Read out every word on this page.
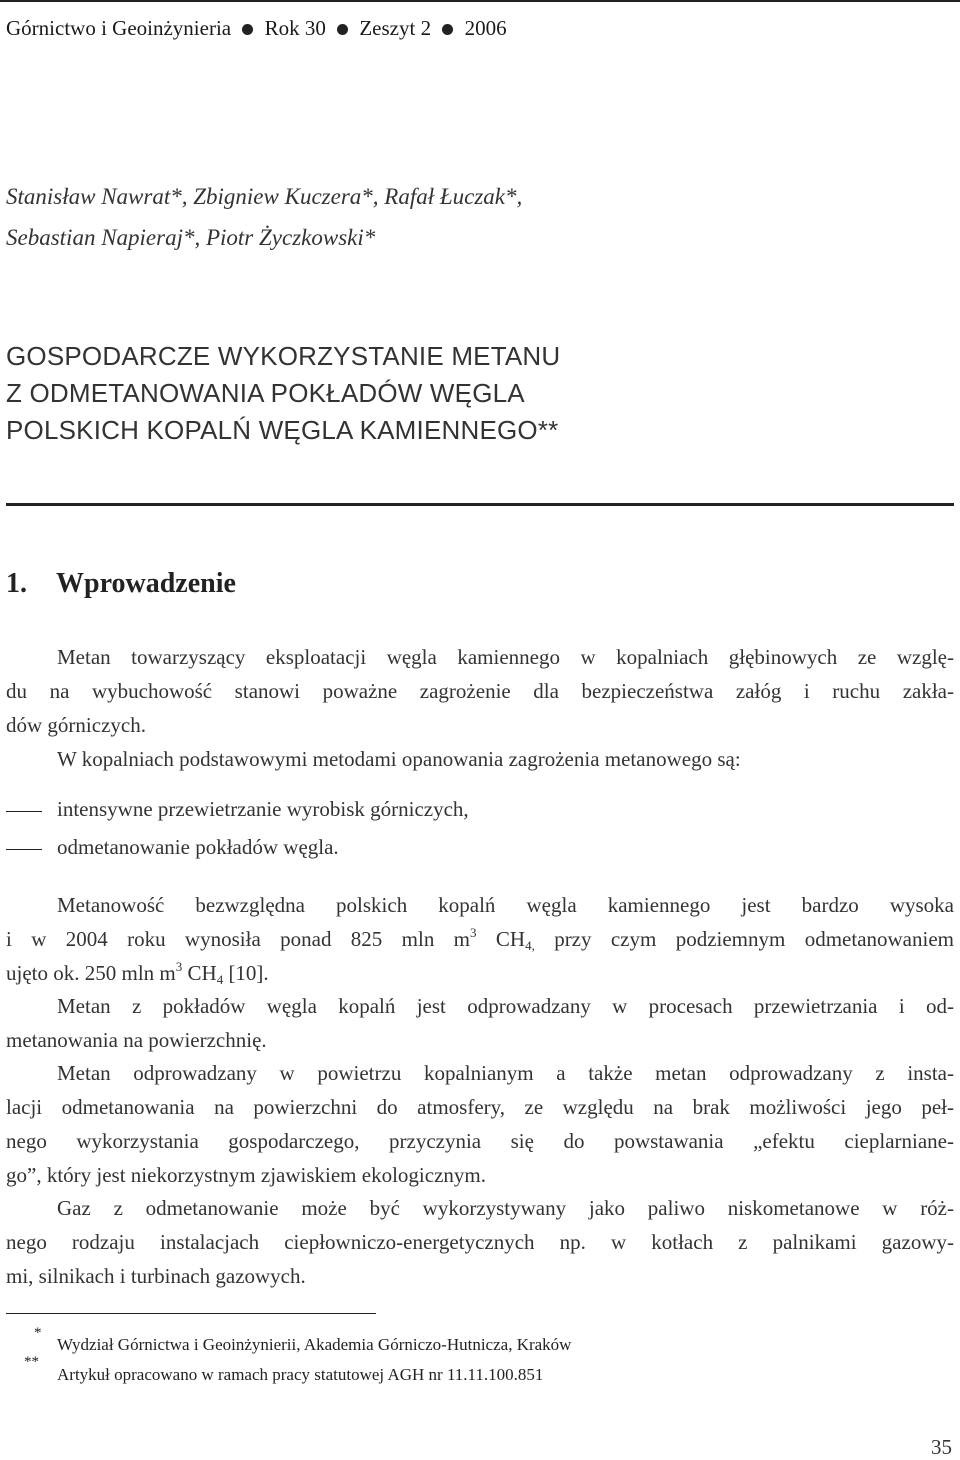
Górnictwo i Geoinżynieria Rok 30 Zeszyt 2 2006
Stanisław Nawrat*, Zbigniew Kuczera*, Rafał Łuczak*,
Sebastian Napieraj*, Piotr Życzkowski*
GOSPODARCZE WYKORZYSTANIE METANU
Z ODMETANOWANIA POKŁADÓW WĘGLA
POLSKICH KOPALŃ WĘGLA KAMIENNEGO**
1. Wprowadzenie
Metan towarzyszący eksploatacji węgla kamiennego w kopalniach głębinowych ze wzglę-
du na wybuchowość stanowi poważne zagrożenie dla bezpieczeństwa załóg i ruchu zakła-
dów górniczych.
W kopalniach podstawowymi metodami opanowania zagrożenia metanowego są:
intensywne przewietrzanie wyrobisk górniczych,
odmetanowanie pokładów węgla.
Metanowość bezwzględna polskich kopalń węgla kamiennego jest bardzo wysoka
i w 2004 roku wynosiła ponad 825 mln $m^3$ $CH_{4,}$ przy czym podziemnym odmetanowaniem
ujęto ok. 250 mln $m^3$ $CH_4$ [10].
Metan z pokładów węgla kopalń jest odprowadzany w procesach przewietrzania i od-
metanowania na powierzchnię.
Metan odprowadzany w powietrzu kopalnianym a także metan odprowadzany z insta-
lacji odmetanowania na powierzchni do atmosfery, ze względu na brak możliwości jego peł-
nego wykorzystania gospodarczego, przyczynia się do powstawania „efektu cieplarniane-
go”, który jest niekorzystnym zjawiskiem ekologicznym.
Gaz z odmetanowanie może być wykorzystywany jako paliwo niskometanowe w róż-
nego rodzaju instalacjach ciepłowniczo-energetycznych np. w kotłach z palnikami gazowy-
mi, silnikach i turbinach gazowych.
*
Wydział Górnictwa i Geoinżynierii, Akademia Górniczo-Hutnicza, Kraków
**
Artykuł opracowano w ramach pracy statutowej AGH nr 11.11.100.851
35
